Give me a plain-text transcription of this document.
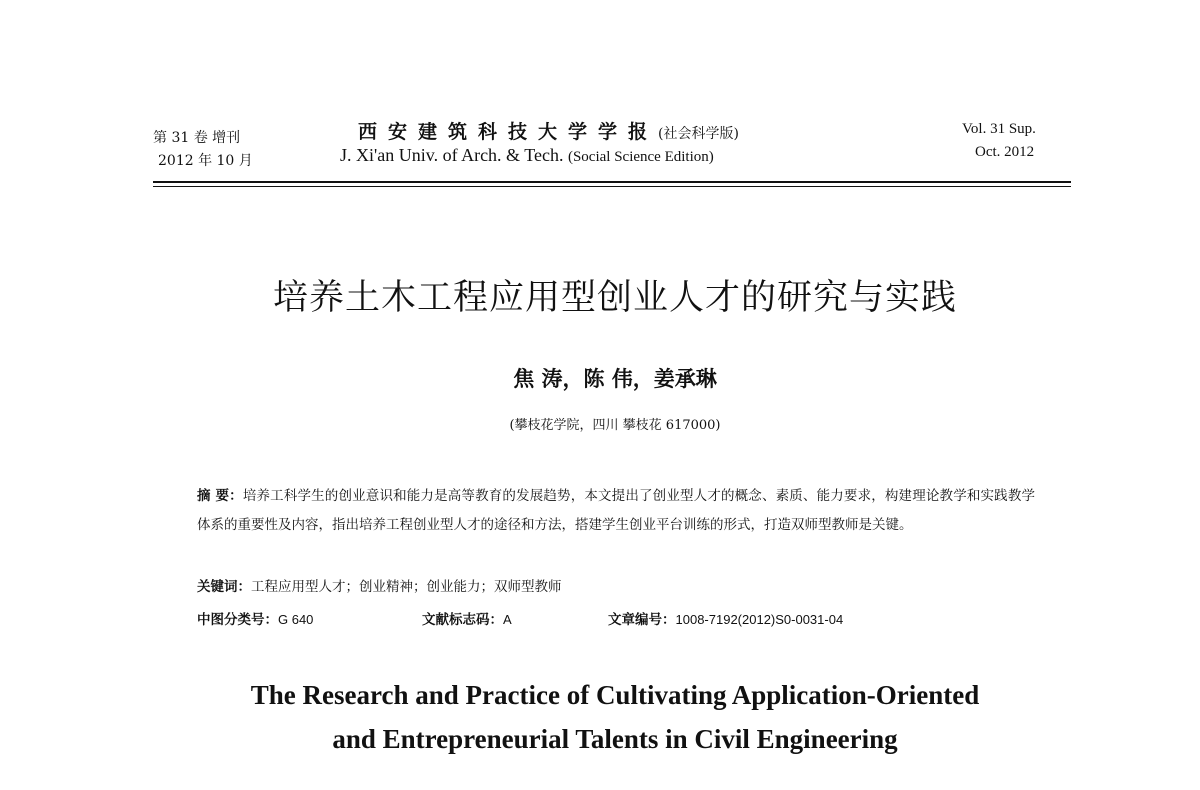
第 31 卷 增刊
2012 年 10 月
西安建筑科技大学学报(社会科学版)
J. Xi'an Univ. of Arch. & Tech. (Social Science Edition)
Vol. 31 Sup.
Oct. 2012
培养土木工程应用型创业人才的研究与实践
焦 涛，陈 伟，姜承琳
(攀枝花学院，四川 攀枝花 617000)
摘 要：培养工科学生的创业意识和能力是高等教育的发展趋势，本文提出了创业型人才的概念、素质、能力要求，构建理论教学和实践教学体系的重要性及内容，指出培养工程创业型人才的途径和方法，搭建学生创业平台训练的形式，打造双师型教师是关键。
关键词：工程应用型人才；创业精神；创业能力；双师型教师
中图分类号：G 640	文献标志码：A	文章编号：1008-7192(2012)S0-0031-04
The Research and Practice of Cultivating Application-Oriented
and Entrepreneurial Talents in Civil Engineering
